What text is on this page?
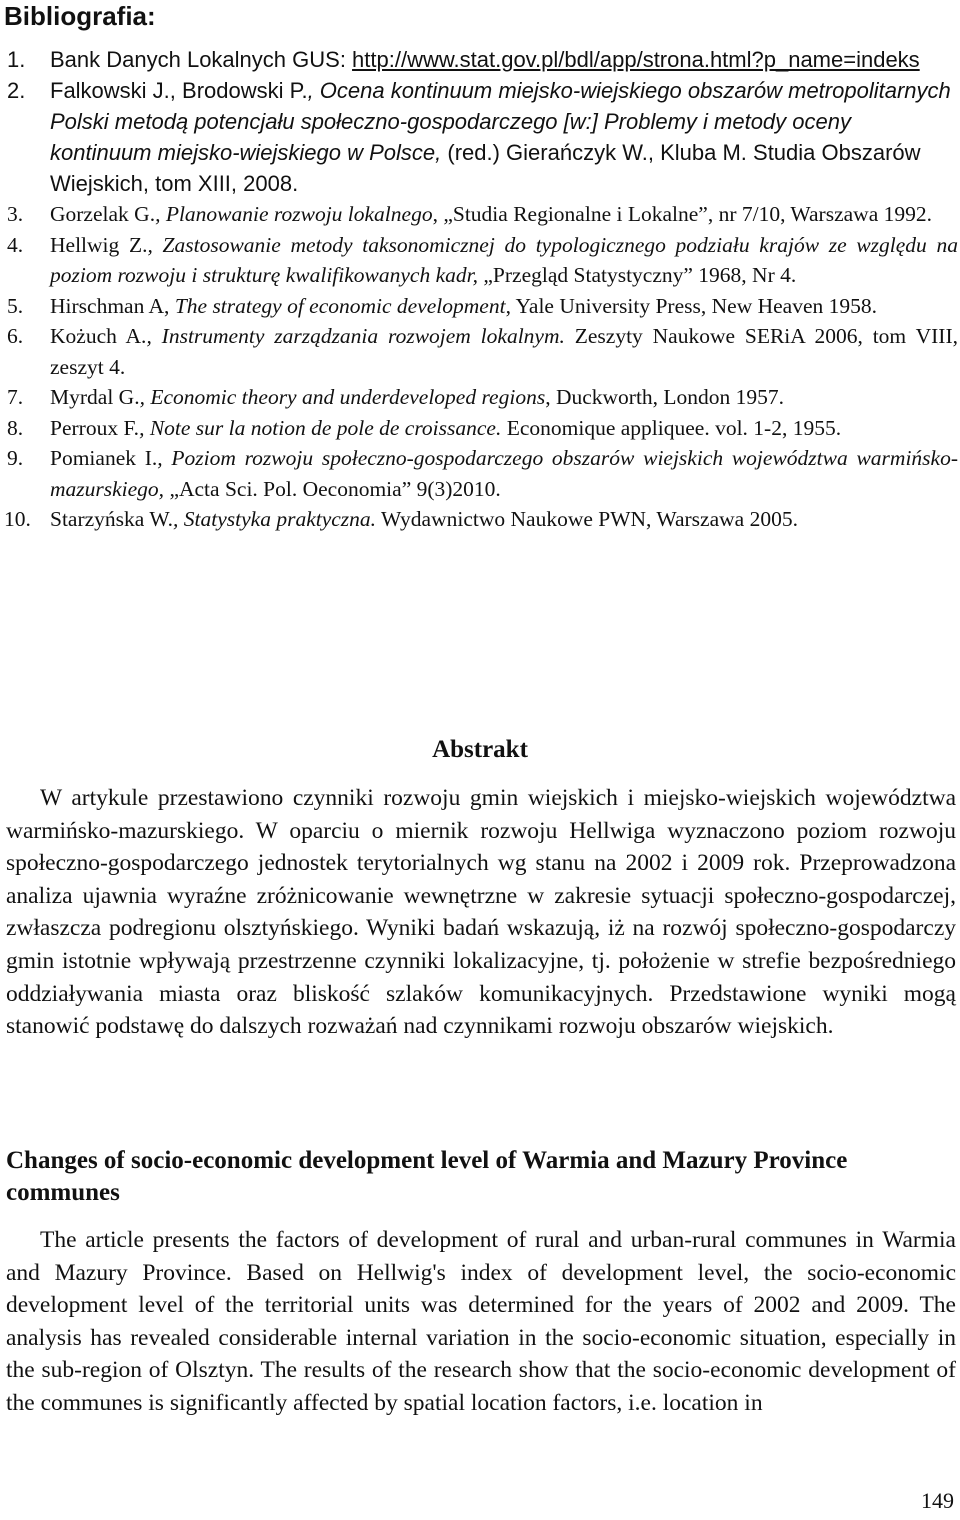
Bibliografia:
1. Bank Danych Lokalnych GUS: http://www.stat.gov.pl/bdl/app/strona.html?p_name=indeks
2. Falkowski J., Brodowski P., Ocena kontinuum miejsko-wiejskiego obszarów metropolitarnych Polski metodą potencjału społeczno-gospodarczego [w:] Problemy i metody oceny kontinuum miejsko-wiejskiego w Polsce, (red.) Gierańczyk W., Kluba M. Studia Obszarów Wiejskich, tom XIII, 2008.
3. Gorzelak G., Planowanie rozwoju lokalnego, „Studia Regionalne i Lokalne”, nr 7/10, Warszawa 1992.
4. Hellwig Z., Zastosowanie metody taksonomicznej do typologicznego podziału krajów ze względu na poziom rozwoju i strukturę kwalifikowanych kadr, „Przegląd Statystyczny” 1968, Nr 4.
5. Hirschman A, The strategy of economic development, Yale University Press, New Heaven 1958.
6. Kożuch A., Instrumenty zarządzania rozwojem lokalnym. Zeszyty Naukowe SERiA 2006, tom VIII, zeszyt 4.
7. Myrdal G., Economic theory and underdeveloped regions, Duckworth, London 1957.
8. Perroux F., Note sur la notion de pole de croissance. Economique appliquee. vol. 1-2, 1955.
9. Pomianek I., Poziom rozwoju społeczno-gospodarczego obszarów wiejskich województwa warmińsko-mazurskiego, „Acta Sci. Pol. Oeconomia” 9(3)2010.
10. Starzyńska W., Statystyka praktyczna. Wydawnictwo Naukowe PWN, Warszawa 2005.
Abstrakt

W artykule przestawiono czynniki rozwoju gmin wiejskich i miejsko-wiejskich województwa warmińsko-mazurskiego. W oparciu o miernik rozwoju Hellwiga wyznaczono poziom rozwoju społeczno-gospodarczego jednostek terytorialnych wg stanu na 2002 i 2009 rok. Przeprowadzona analiza ujawnia wyraźne zróżnicowanie wewnętrzne w zakresie sytuacji społeczno-gospodarczej, zwłaszcza podregionu olsztyńskiego. Wyniki badań wskazują, iż na rozwój społeczno-gospodarczy gmin istotnie wpływają przestrzenne czynniki lokalizacyjne, tj. położenie w strefie bezpośredniego oddziaływania miasta oraz bliskość szlaków komunikacyjnych. Przedstawione wyniki mogą stanowić podstawę do dalszych rozważań nad czynnikami rozwoju obszarów wiejskich.

Changes of socio-economic development level of Warmia and Mazury Province communes

The article presents the factors of development of rural and urban-rural communes in Warmia and Mazury Province. Based on Hellwig's index of development level, the socio-economic development level of the territorial units was determined for the years of 2002 and 2009. The analysis has revealed considerable internal variation in the socio-economic situation, especially in the sub-region of Olsztyn. The results of the research show that the socio-economic development of the communes is significantly affected by spatial location factors, i.e. location in

149
